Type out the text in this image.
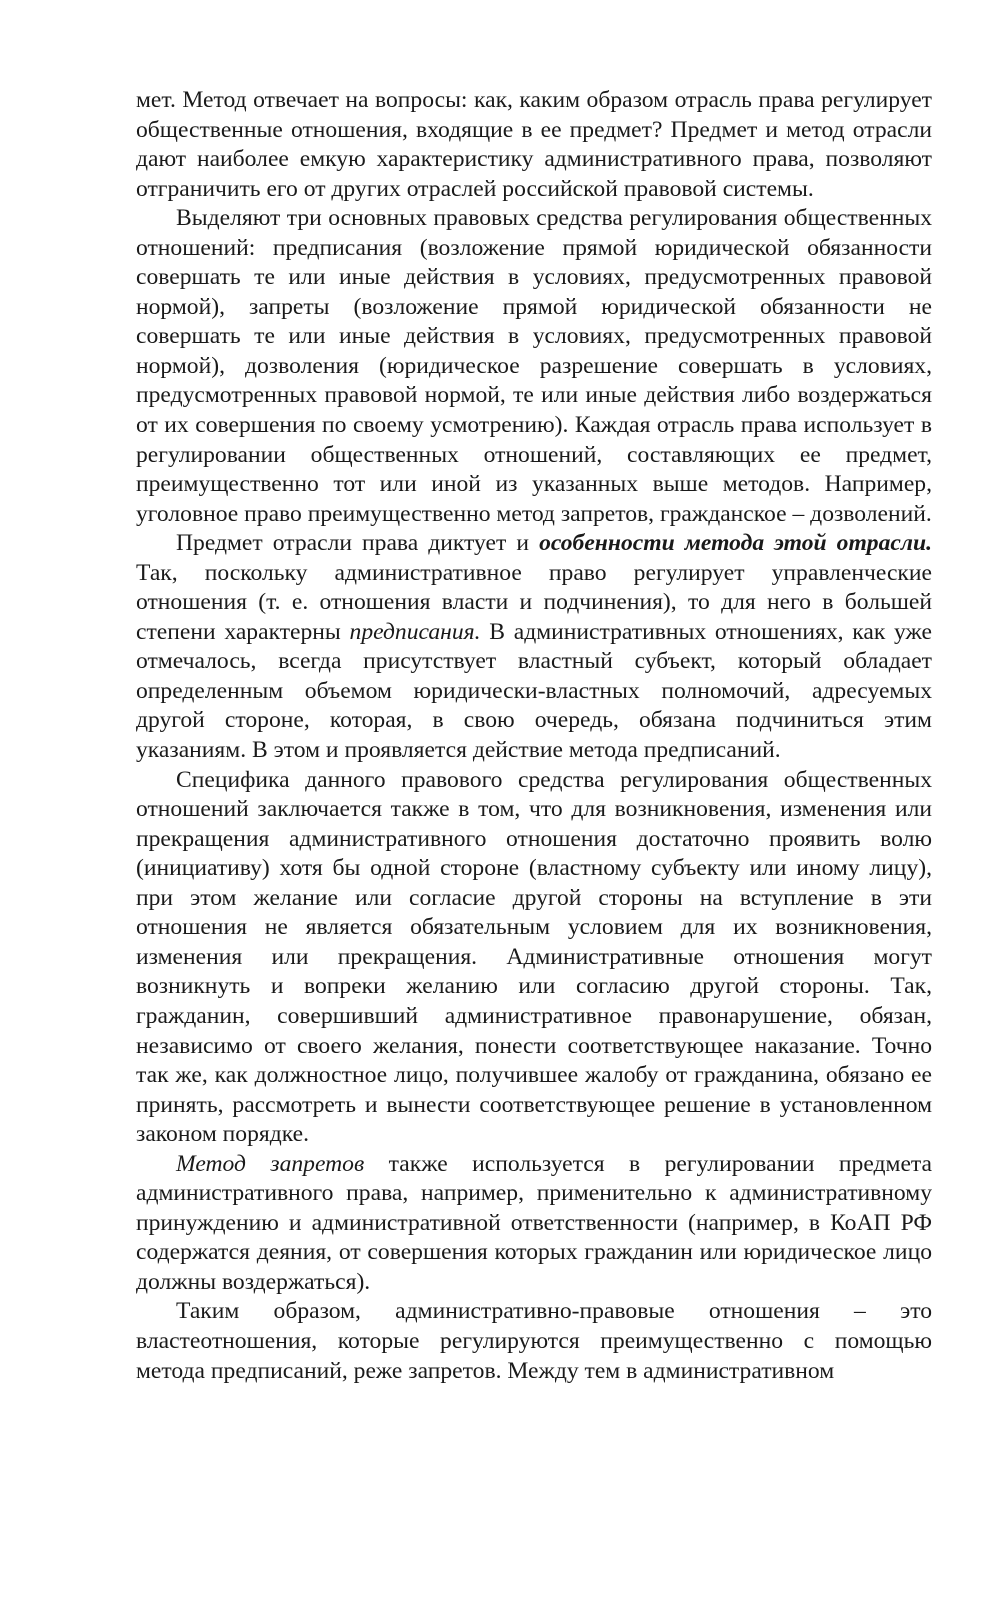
мет. Метод отвечает на вопросы: как, каким образом отрасль права регулирует общественные отношения, входящие в ее предмет? Предмет и метод отрасли дают наиболее емкую характеристику административного права, позволяют отграничить его от других отраслей российской правовой системы.

Выделяют три основных правовых средства регулирования общественных отношений: предписания (возложение прямой юридической обязанности совершать те или иные действия в условиях, предусмотренных правовой нормой), запреты (возложение прямой юридической обязанности не совершать те или иные действия в условиях, предусмотренных правовой нормой), дозволения (юридическое разрешение совершать в условиях, предусмотренных правовой нормой, те или иные действия либо воздержаться от их совершения по своему усмотрению). Каждая отрасль права использует в регулировании общественных отношений, составляющих ее предмет, преимущественно тот или иной из указанных выше методов. Например, уголовное право преимущественно метод запретов, гражданское – дозволений.

Предмет отрасли права диктует и особенности метода этой отрасли. Так, поскольку административное право регулирует управленческие отношения (т. е. отношения власти и подчинения), то для него в большей степени характерны предписания. В административных отношениях, как уже отмечалось, всегда присутствует властный субъект, который обладает определенным объемом юридически-властных полномочий, адресуемых другой стороне, которая, в свою очередь, обязана подчиниться этим указаниям. В этом и проявляется действие метода предписаний.

Специфика данного правового средства регулирования общественных отношений заключается также в том, что для возникновения, изменения или прекращения административного отношения достаточно проявить волю (инициативу) хотя бы одной стороне (властному субъекту или иному лицу), при этом желание или согласие другой стороны на вступление в эти отношения не является обязательным условием для их возникновения, изменения или прекращения. Административные отношения могут возникнуть и вопреки желанию или согласию другой стороны. Так, гражданин, совершивший административное правонарушение, обязан, независимо от своего желания, понести соответствующее наказание. Точно так же, как должностное лицо, получившее жалобу от гражданина, обязано ее принять, рассмотреть и вынести соответствующее решение в установленном законом порядке.

Метод запретов также используется в регулировании предмета административного права, например, применительно к административному принуждению и административной ответственности (например, в КоАП РФ содержатся деяния, от совершения которых гражданин или юридическое лицо должны воздержаться).

Таким образом, административно-правовые отношения – это властеотношения, которые регулируются преимущественно с помощью метода предписаний, реже запретов. Между тем в административном
